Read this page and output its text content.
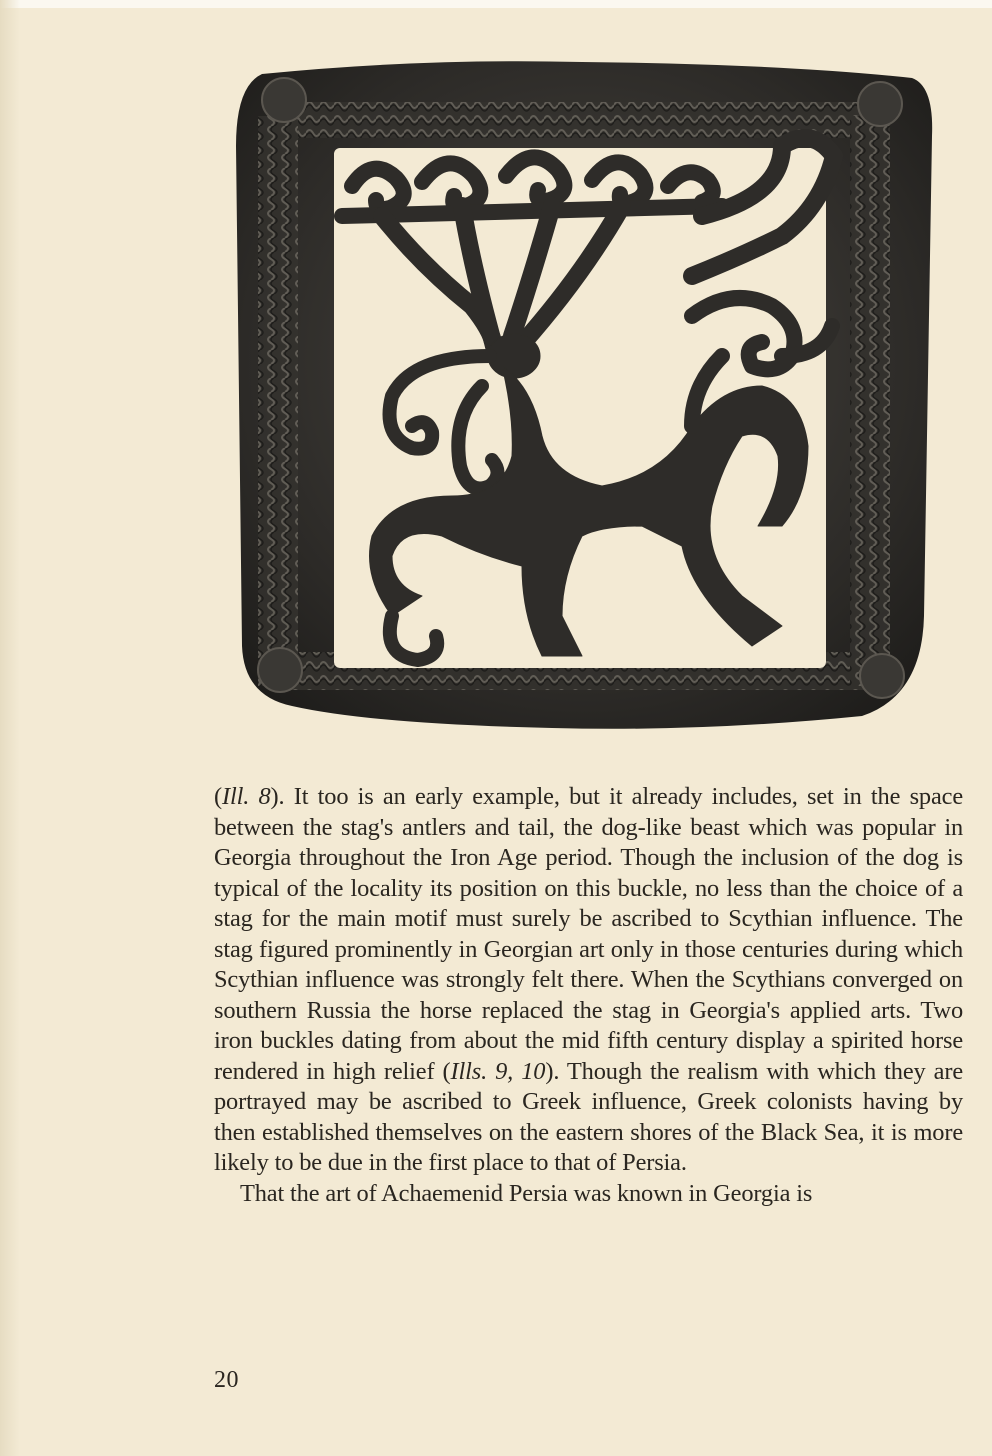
(Ill. 8). It too is an early example, but it already includes, set in the space between the stag's antlers and tail, the dog-like beast which was popular in Georgia throughout the Iron Age period. Though the inclusion of the dog is typical of the locality its position on this buckle, no less than the choice of a stag for the main motif must surely be ascribed to Scythian influence. The stag figured prominently in Georgian art only in those centuries during which Scythian influence was strongly felt there. When the Scythians converged on southern Russia the horse replaced the stag in Georgia's applied arts. Two iron buckles dating from about the mid fifth century display a spirited horse rendered in high relief (Ills. 9, 10). Though the realism with which they are portrayed may be ascribed to Greek influence, Greek colonists having by then established themselves on the eastern shores of the Black Sea, it is more likely to be due in the first place to that of Persia.

That the art of Achaemenid Persia was known in Georgia is

20
